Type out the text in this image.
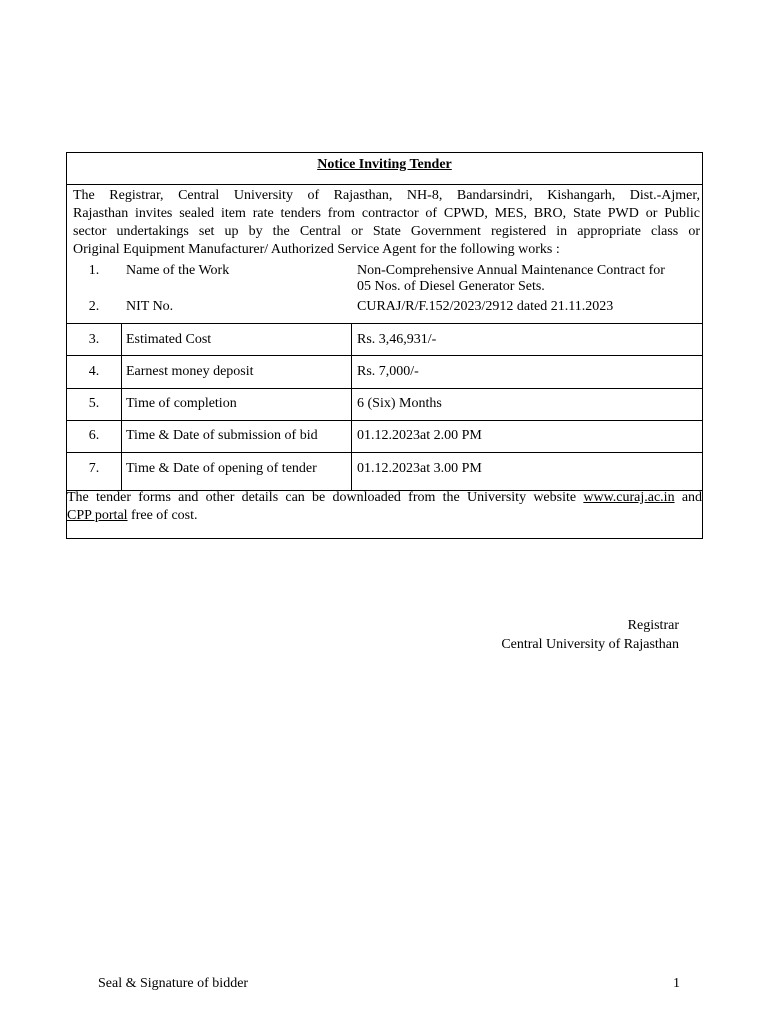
Notice Inviting Tender
The Registrar, Central University of Rajasthan, NH-8, Bandarsindri, Kishangarh, Dist.-Ajmer,
Rajasthan invites sealed item rate tenders from contractor of CPWD, MES, BRO, State PWD or Public
sector undertakings set up by the Central or State Government registered in appropriate class or
Original Equipment Manufacturer/ Authorized Service Agent for the following works :
1.	Name of the Work	Non-Comprehensive Annual Maintenance Contract for
05 Nos. of Diesel Generator Sets.
2.	NIT No.	CURAJ/R/F.152/2023/2912 dated 21.11.2023
3.	Estimated Cost	Rs. 3,46,931/-
4.	Earnest money deposit	Rs. 7,000/-
5.	Time of completion	6 (Six) Months
6.	Time & Date of submission of bid	01.12.2023at 2.00 PM
7.	Time & Date of opening of tender	01.12.2023at 3.00 PM
The tender forms and other details can be downloaded from the University website www.curaj.ac.in and
CPP portal free of cost.
Registrar
Central University of Rajasthan
Seal & Signature of bidder	1
